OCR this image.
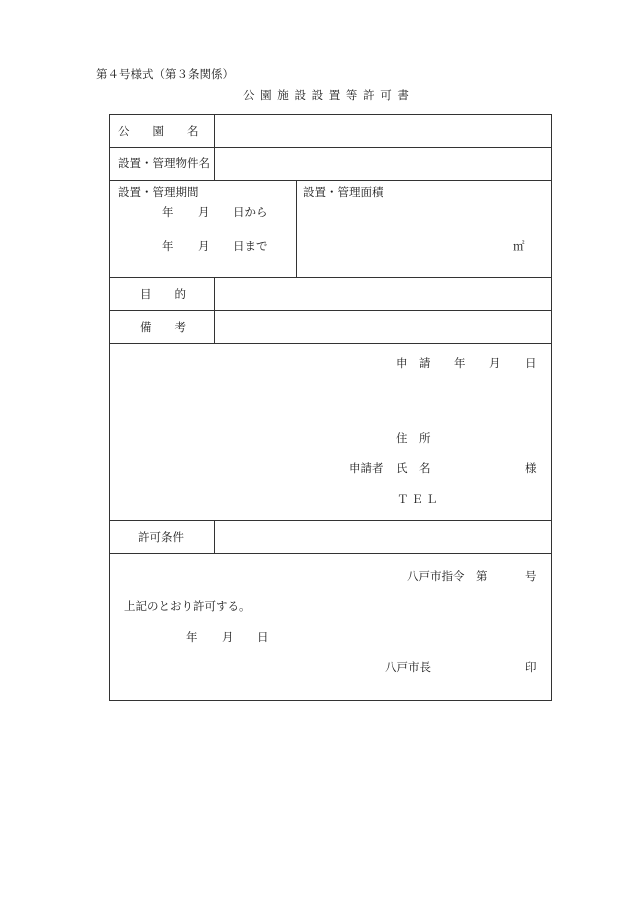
第４号様式（第３条関係）
公 園 施 設 設 置 等 許 可 書
公　　園　　名
設置・管理物件名
設置・管理期間
年 月 日から
年 月 日まで
設置・管理面積
㎡
目　　的
備　　考
申　請 年 月 日
住　所
申請者 氏　名	様
ＴＥＬ
許可条件
八戸市指令　第	号
上記のとおり許可する。
年 月 日
八戸市長	印
